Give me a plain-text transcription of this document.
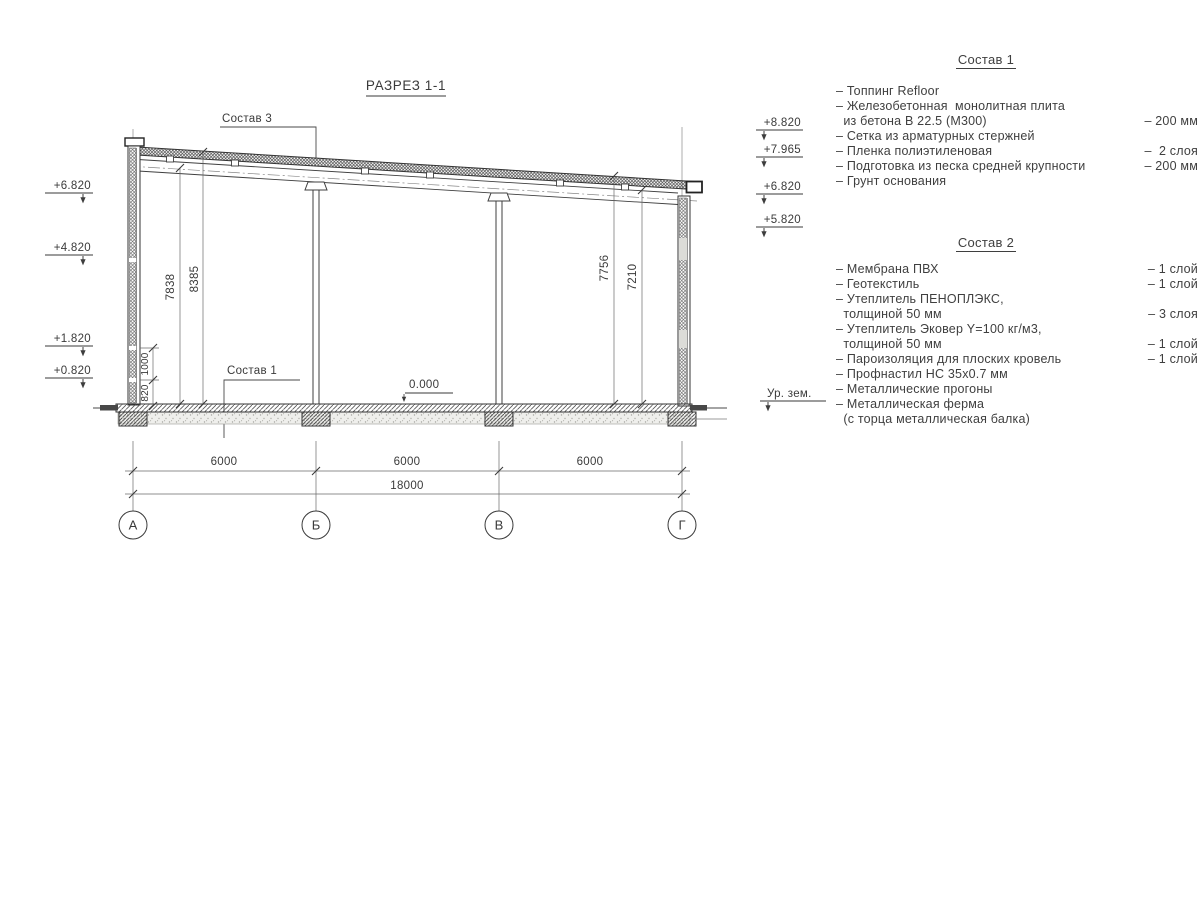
РАЗРЕЗ 1-1
Состав 3
Состав 1
0.000
+6.820
+4.820
+1.820
+0.820
+8.820
+7.965
+6.820
+5.820
Ур. зем.
7838 8385	7756 7210
1000
820
6000	6000	6000
18000
А	Б	В	Г
Состав 1
– Топпинг Refloor
– Железобетонная  монолитная плита
из бетона В 22.5 (М300)	– 200 мм
– Сетка из арматурных стержней
– Пленка полиэтиленовая	–  2 слоя
– Подготовка из песка средней крупности	– 200 мм
– Грунт основания
Состав 2
– Мембрана ПВХ	– 1 слой
– Геотекстиль	– 1 слой
– Утеплитель ПЕНОПЛЭКС,
толщиной 50 мм	– 3 слоя
– Утеплитель Эковер Y=100 кг/м3,
толщиной 50 мм	– 1 слой
– Пароизоляция для плоских кровель	– 1 слой
– Профнастил НС 35х0.7 мм
– Металлические прогоны
– Металлическая ферма
(с торца металлическая балка)
